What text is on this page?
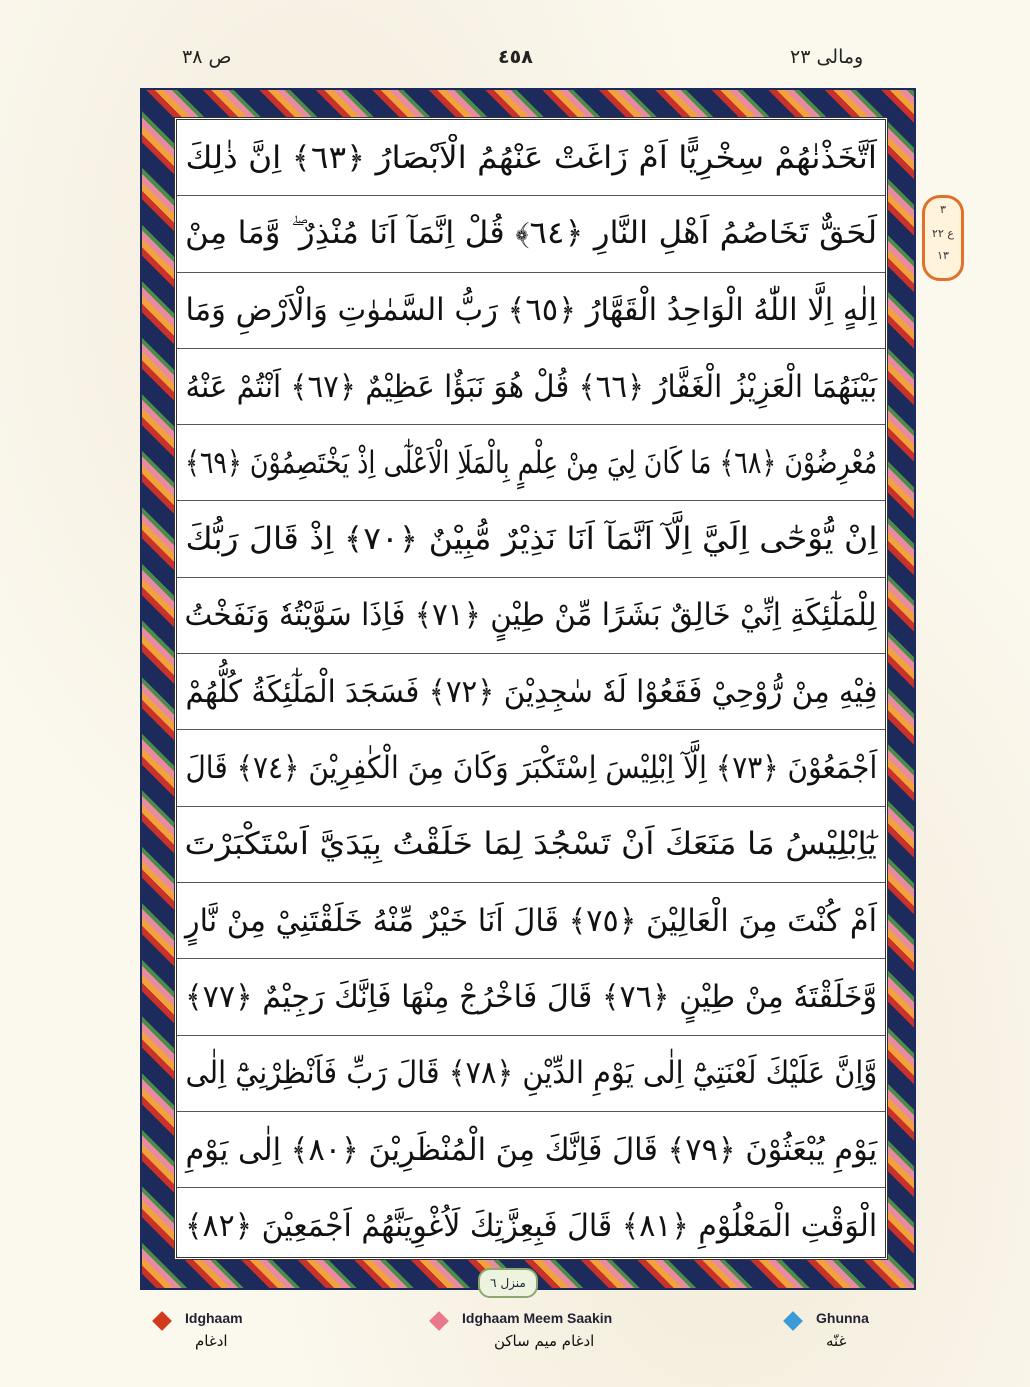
ص ٣٨	٤٥٨	ومالی ٢٣
اَتَّخَذْنٰهُمْ سِخْرِيًّا اَمْ زَاغَتْ عَنْهُمُ الْاَبْصَارُ ﴿٦٣﴾ اِنَّ ذٰلِكَ
لَحَقٌّ تَخَاصُمُ اَهْلِ النَّارِ ﴿٦٤﴾ قُلْ اِنَّمَآ اَنَا مُنْذِرٌ ۖ وَّمَا مِنْ
اِلٰهٍ اِلَّا اللّٰهُ الْوَاحِدُ الْقَهَّارُ ﴿٦٥﴾ رَبُّ السَّمٰوٰتِ وَالْاَرْضِ وَمَا
بَيْنَهُمَا الْعَزِيْزُ الْغَفَّارُ ﴿٦٦﴾ قُلْ هُوَ نَبَؤٌا عَظِيْمٌ ﴿٦٧﴾ اَنْتُمْ عَنْهُ
مُعْرِضُوْنَ ﴿٦٨﴾ مَا كَانَ لِيَ مِنْ عِلْمٍ بِالْمَلَاِ الْاَعْلٰٓى اِذْ يَخْتَصِمُوْنَ ﴿٦٩﴾
اِنْ يُّوْحٰٓى اِلَيَّ اِلَّآ اَنَّمَآ اَنَا نَذِيْرٌ مُّبِيْنٌ ﴿٧٠﴾ اِذْ قَالَ رَبُّكَ
لِلْمَلٰٓئِكَةِ اِنِّيْ خَالِقٌ بَشَرًا مِّنْ طِيْنٍ ﴿٧١﴾ فَاِذَا سَوَّيْتُهٗ وَنَفَخْتُ
فِيْهِ مِنْ رُّوْحِيْ فَقَعُوْا لَهٗ سٰجِدِيْنَ ﴿٧٢﴾ فَسَجَدَ الْمَلٰٓئِكَةُ كُلُّهُمْ
اَجْمَعُوْنَ ﴿٧٣﴾ اِلَّآ اِبْلِيْسَ اِسْتَكْبَرَ وَكَانَ مِنَ الْكٰفِرِيْنَ ﴿٧٤﴾ قَالَ
يٰٓاِبْلِيْسُ مَا مَنَعَكَ اَنْ تَسْجُدَ لِمَا خَلَقْتُ بِيَدَيَّ اَسْتَكْبَرْتَ
اَمْ كُنْتَ مِنَ الْعَالِيْنَ ﴿٧٥﴾ قَالَ اَنَا خَيْرٌ مِّنْهُ خَلَقْتَنِيْ مِنْ نَّارٍ
وَّخَلَقْتَهٗ مِنْ طِيْنٍ ﴿٧٦﴾ قَالَ فَاخْرُجْ مِنْهَا فَاِنَّكَ رَجِيْمٌ ﴿٧٧﴾
وَّاِنَّ عَلَيْكَ لَعْنَتِيْٓ اِلٰى يَوْمِ الدِّيْنِ ﴿٧٨﴾ قَالَ رَبِّ فَاَنْظِرْنِيْٓ اِلٰى
يَوْمِ يُبْعَثُوْنَ ﴿٧٩﴾ قَالَ فَاِنَّكَ مِنَ الْمُنْظَرِيْنَ ﴿٨٠﴾ اِلٰى يَوْمِ
الْوَقْتِ الْمَعْلُوْمِ ﴿٨١﴾ قَالَ فَبِعِزَّتِكَ لَاُغْوِيَنَّهُمْ اَجْمَعِيْنَ ﴿٨٢﴾
٣
ع ٢٢
١٣
منزل ٦
Idghaam
ادغام
Idghaam Meem Saakin
ادغام میم ساکن
Ghunna
غنّه
